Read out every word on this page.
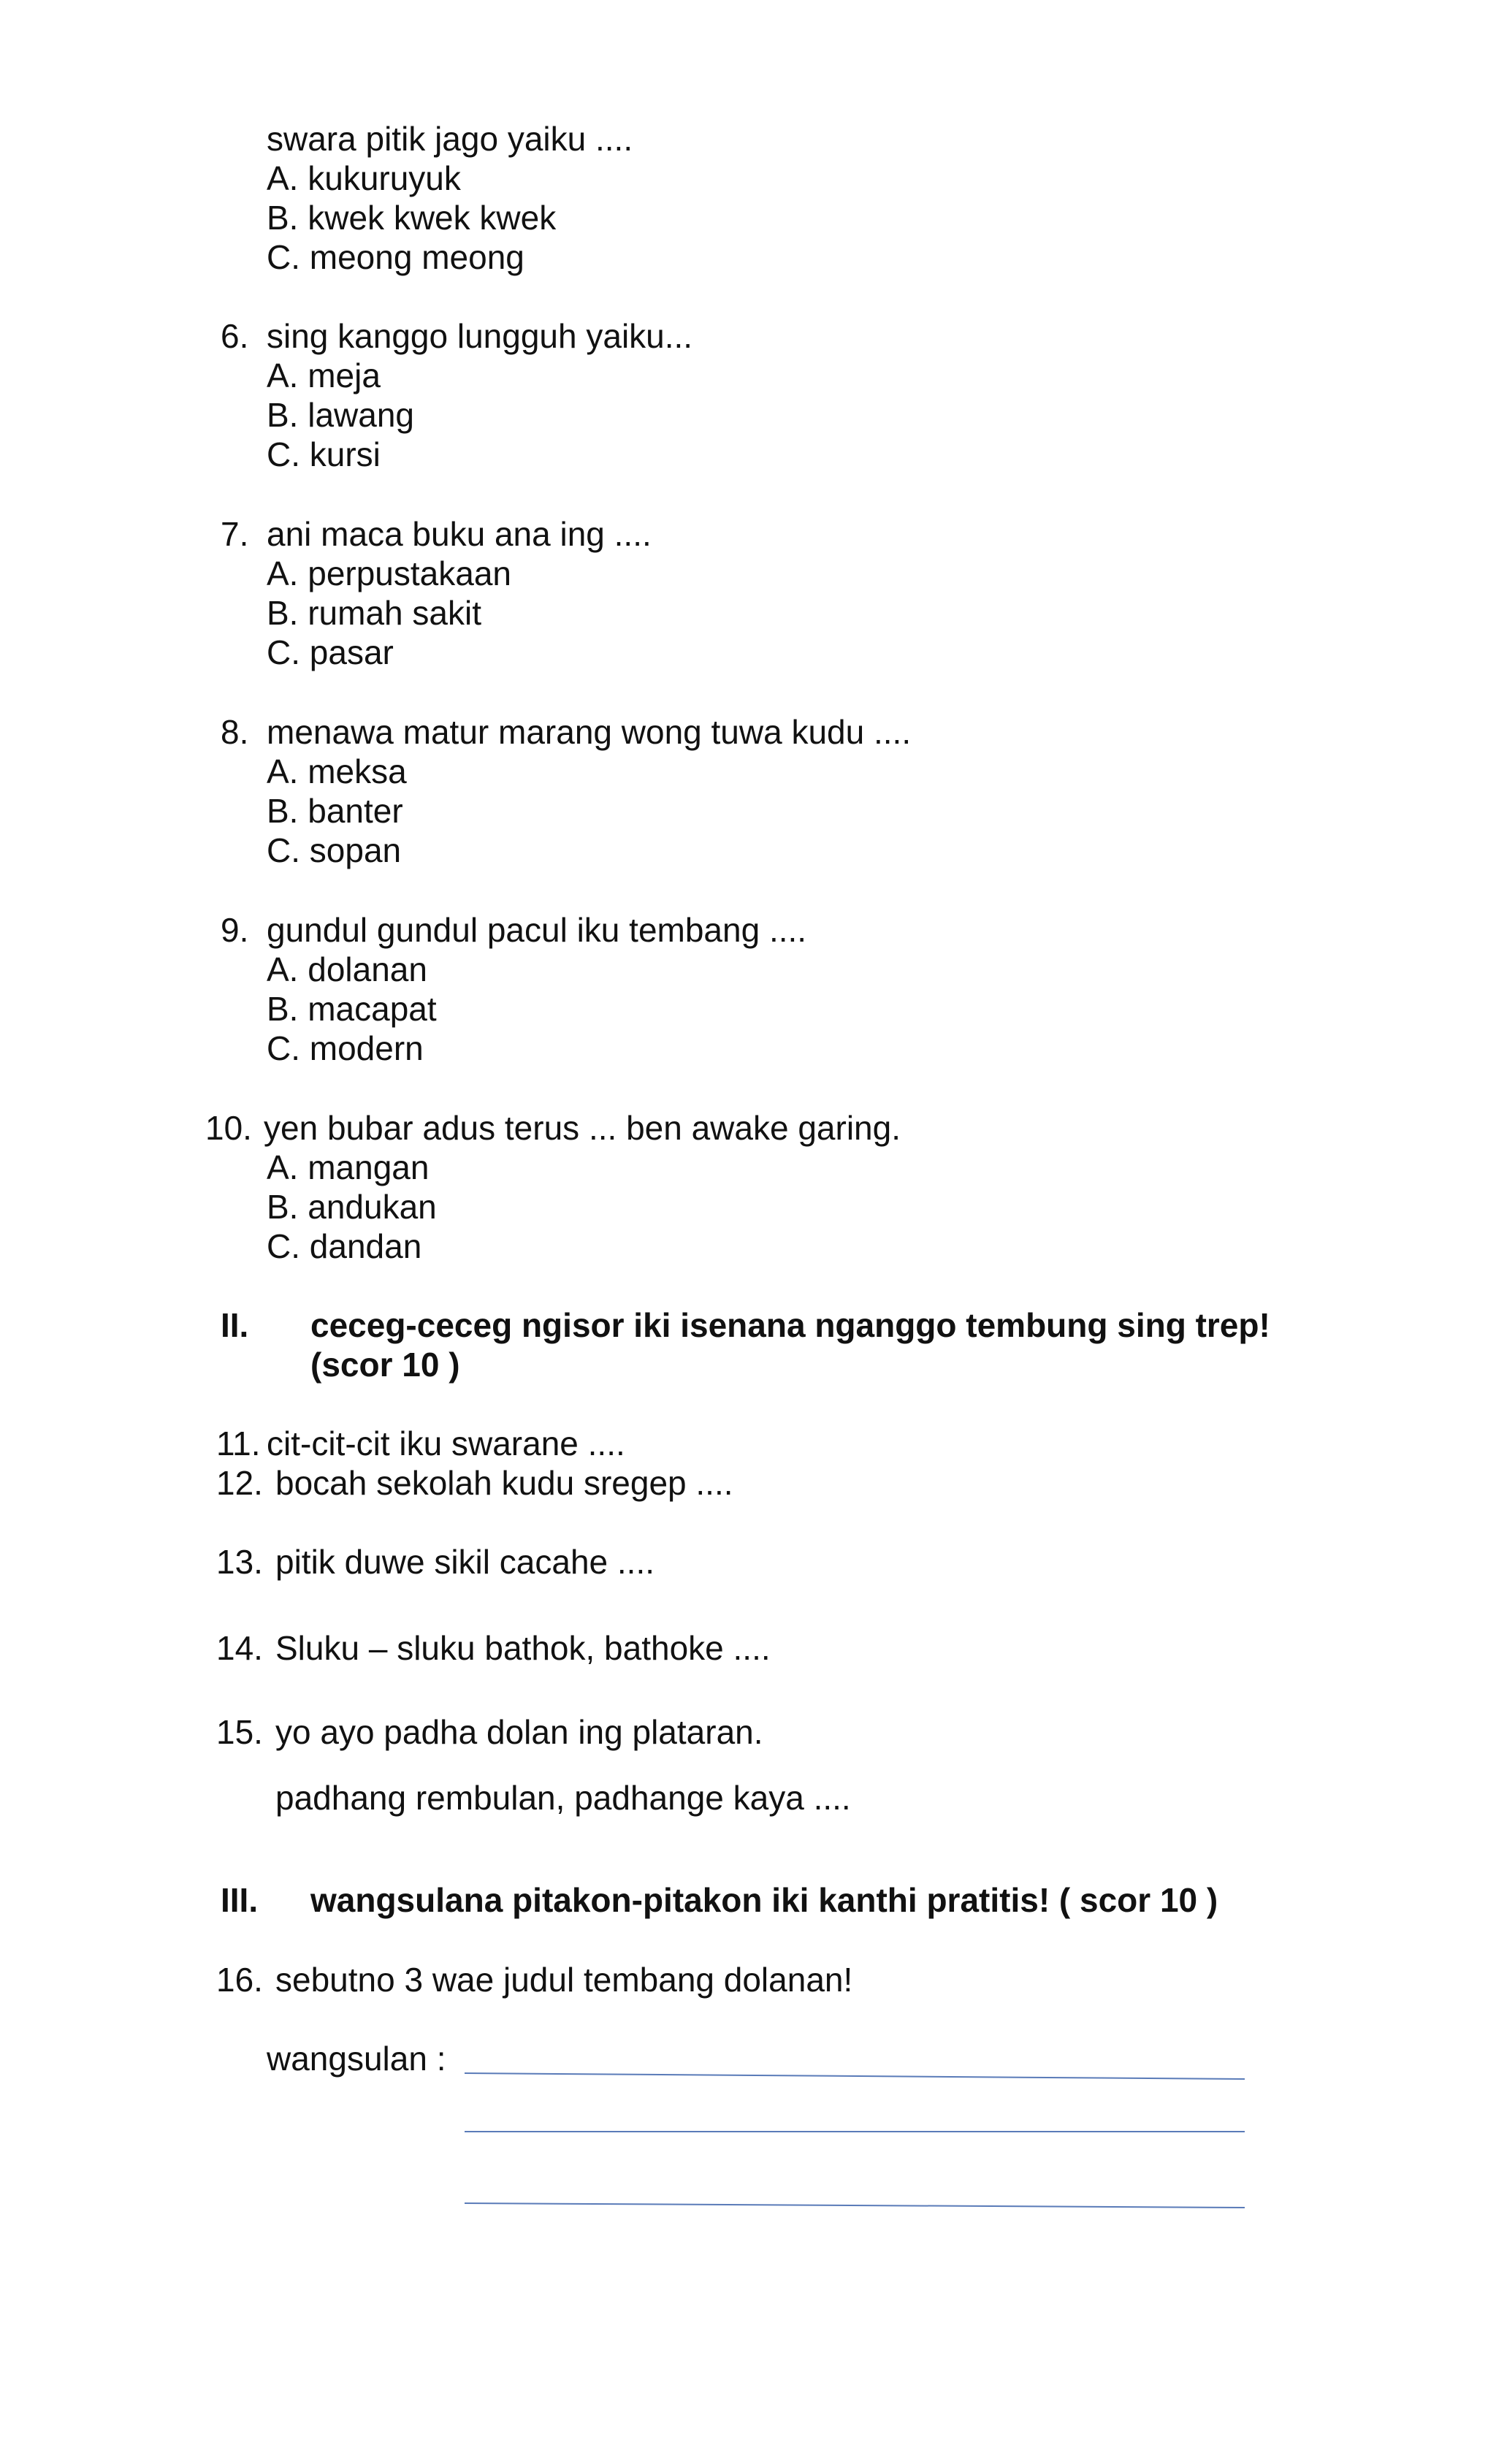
swara pitik jago yaiku ....
A. kukuruyuk
B. kwek kwek kwek
C. meong meong
6. sing kanggo lungguh yaiku...
A. meja
B. lawang
C. kursi
7. ani maca buku ana ing ....
A. perpustakaan
B. rumah sakit
C. pasar
8. menawa matur marang wong tuwa kudu ....
A. meksa
B. banter
C. sopan
9. gundul gundul pacul iku tembang ....
A. dolanan
B. macapat
C. modern
10. yen bubar adus terus ... ben awake garing.
A. mangan
B. andukan
C. dandan
II. ceceg-ceceg ngisor iki isenana nganggo tembung sing trep!
(scor 10 )
11. cit-cit-cit iku swarane ....
12. bocah sekolah kudu sregep ....
13. pitik duwe sikil cacahe ....
14. Sluku – sluku bathok, bathoke ....
15. yo ayo padha dolan ing plataran.
padhang rembulan, padhange kaya ....
III. wangsulana pitakon-pitakon iki kanthi pratitis! ( scor 10 )
16. sebutno 3 wae judul tembang dolanan!
wangsulan :
